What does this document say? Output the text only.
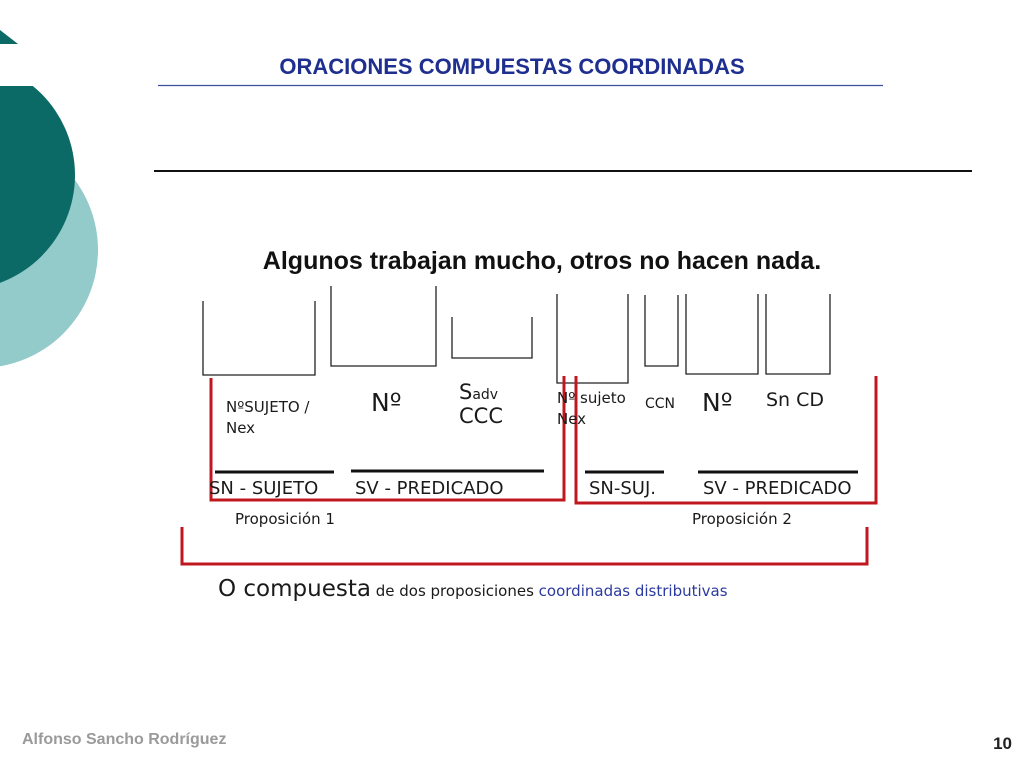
ORACIONES COMPUESTAS COORDINADAS
Algunos trabajan mucho, otros no hacen nada.
NºSUJETO /
Nex
Nº	Sadv
CCC
Nº sujeto
Nex
CCN Nº Sn CD
SN - SUJETO SV - PREDICADO	SN-SUJ.	SV - PREDICADO
Proposición 1	Proposición 2
O compuesta de dos proposiciones coordinadas distributivas
Alfonso Sancho Rodríguez	10
